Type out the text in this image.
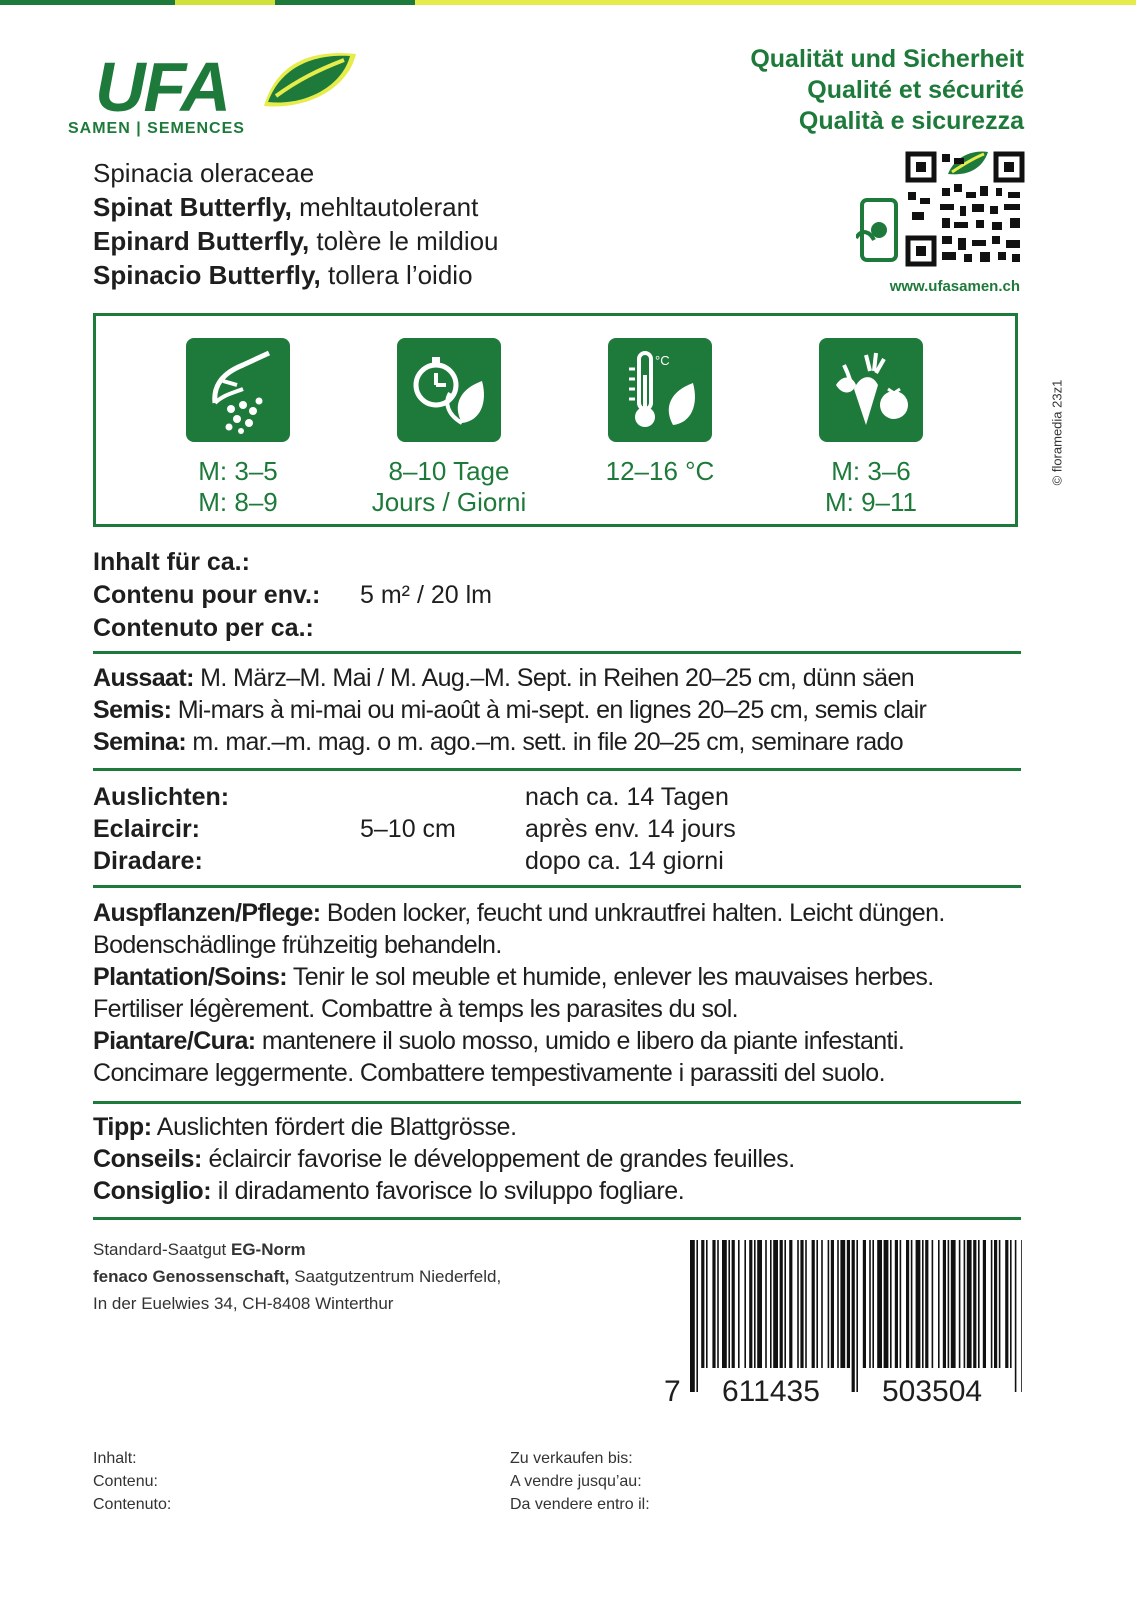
UFA
SAMEN | SEMENCES
Qualität und Sicherheit
Qualité et sécurité
Qualità e sicurezza
Spinacia oleraceae
Spinat Butterfly, mehltautolerant
Epinard Butterfly, tolère le mildiou
Spinacio Butterfly, tollera l’oidio	www.ufasamen.ch
M: 3–5
M: 8–9
8–10 Tage
Jours / Giorni
°C
12–16 °C	M: 3–6
M: 9–11
© floramedia 23z1
Inhalt für ca.:
Contenu pour env.: 5 m² / 20 lm
Contenuto per ca.:
Aussaat: M. März–M. Mai / M. Aug.–M. Sept. in Reihen 20–25 cm, dünn säen
Semis: Mi-mars à mi-mai ou mi-août à mi-sept. en lignes 20–25 cm, semis clair
Semina: m. mar.–m. mag. o m. ago.–m. sett. in file 20–25 cm, seminare rado
Auslichten:
Eclaircir:
Diradare:
5–10 cm
nach ca. 14 Tagen
après env. 14 jours
dopo ca. 14 giorni
Auspflanzen/Pflege: Boden locker, feucht und unkrautfrei halten. Leicht düngen. Bodenschädlinge frühzeitig behandeln.
Plantation/Soins: Tenir le sol meuble et humide, enlever les mauvaises herbes. Fertiliser légèrement. Combattre à temps les parasites du sol.
Piantare/Cura: mantenere il suolo mosso, umido e libero da piante infestanti. Concimare leggermente. Combattere tempestivamente i parassiti del suolo.
Tipp: Auslichten fördert die Blattgrösse.
Conseils: éclaircir favorise le développement de grandes feuilles.
Consiglio: il diradamento favorisce lo sviluppo fogliare.
Standard-Saatgut EG-Norm
fenaco Genossenschaft, Saatgutzentrum Niederfeld,
In der Euelwies 34, CH-8408 Winterthur
7 611435 503504
Inhalt:
Contenu:
Contenuto:
Zu verkaufen bis:
A vendre jusqu’au:
Da vendere entro il:
